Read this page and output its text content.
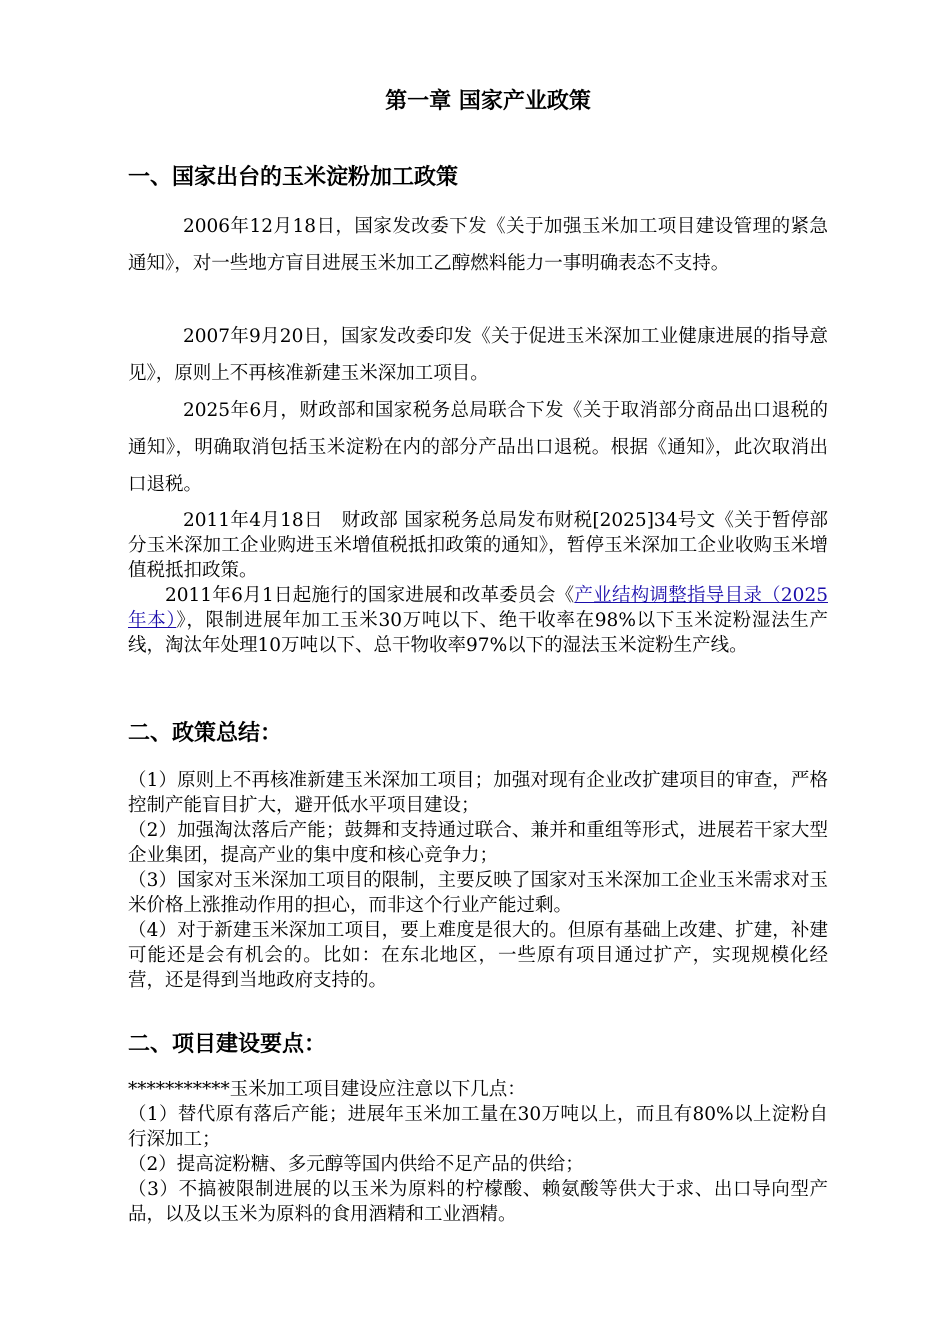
第一章 国家产业政策
一、国家出台的玉米淀粉加工政策
2006年12月18日，国家发改委下发《关于加强玉米加工项目建设管理的紧急通知》，对一些地方盲目进展玉米加工乙醇燃料能力一事明确表态不支持。
2007年9月20日，国家发改委印发《关于促进玉米深加工业健康进展的指导意见》，原则上不再核准新建玉米深加工项目。
2025年6月，财政部和国家税务总局联合下发《关于取消部分商品出口退税的通知》，明确取消包括玉米淀粉在内的部分产品出口退税。根据《通知》，此次取消出口退税。
2011年4月18日　财政部 国家税务总局发布财税[2025]34号文《关于暂停部分玉米深加工企业购进玉米增值税抵扣政策的通知》，暂停玉米深加工企业收购玉米增值税抵扣政策。
2011年6月1日起施行的国家进展和改革委员会《产业结构调整指导目录（2025年本）》，限制进展年加工玉米30万吨以下、绝干收率在98%以下玉米淀粉湿法生产线，淘汰年处理10万吨以下、总干物收率97%以下的湿法玉米淀粉生产线。
二、政策总结：
（1）原则上不再核准新建玉米深加工项目；加强对现有企业改扩建项目的审查，严格控制产能盲目扩大，避开低水平项目建设；
（2）加强淘汰落后产能；鼓舞和支持通过联合、兼并和重组等形式，进展若干家大型企业集团，提高产业的集中度和核心竞争力；
（3）国家对玉米深加工项目的限制，主要反映了国家对玉米深加工企业玉米需求对玉米价格上涨推动作用的担心，而非这个行业产能过剩。
（4）对于新建玉米深加工项目，要上难度是很大的。但原有基础上改建、扩建，补建可能还是会有机会的。比如：在东北地区，一些原有项目通过扩产，实现规模化经营，还是得到当地政府支持的。
二、项目建设要点：
***********玉米加工项目建设应注意以下几点：
（1）替代原有落后产能；进展年玉米加工量在30万吨以上，而且有80%以上淀粉自行深加工；
（2）提高淀粉糖、多元醇等国内供给不足产品的供给；
（3）不搞被限制进展的以玉米为原料的柠檬酸、赖氨酸等供大于求、出口导向型产品，以及以玉米为原料的食用酒精和工业酒精。
